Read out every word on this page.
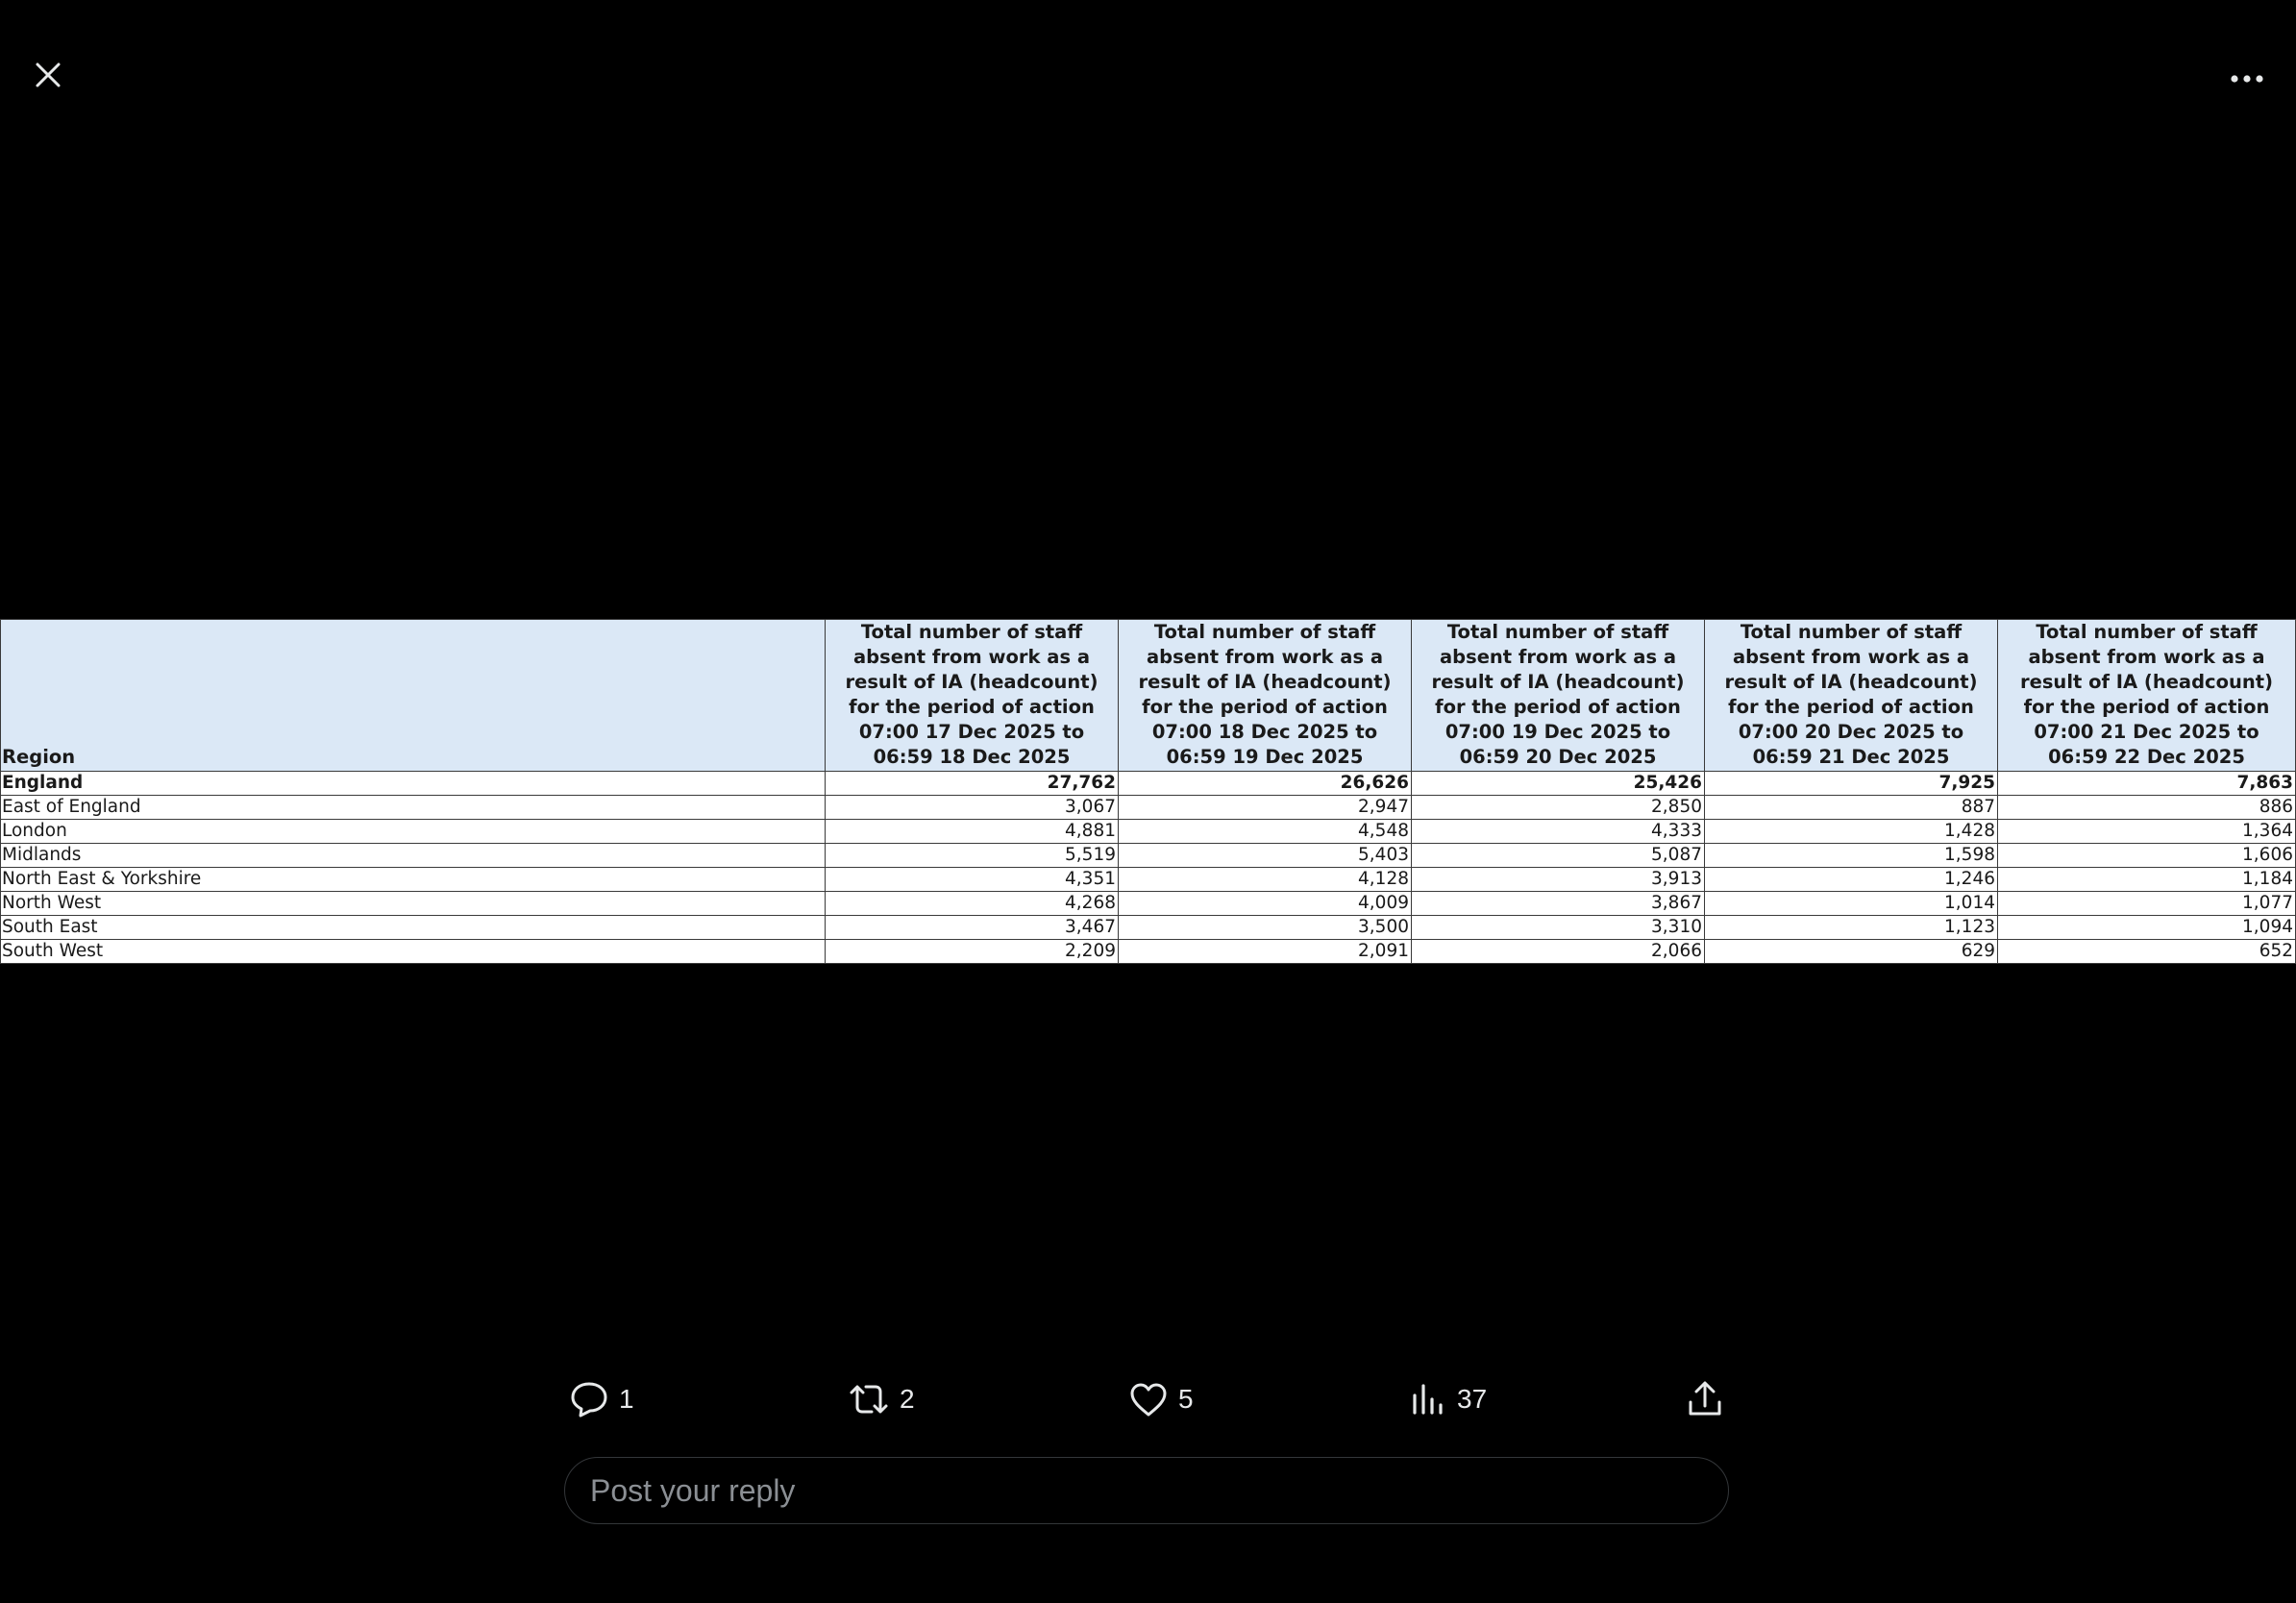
Region	Total number of staff absent from work as a result of IA (headcount) for the period of action 07:00 17 Dec 2025 to 06:59 18 Dec 2025	Total number of staff absent from work as a result of IA (headcount) for the period of action 07:00 18 Dec 2025 to 06:59 19 Dec 2025	Total number of staff absent from work as a result of IA (headcount) for the period of action 07:00 19 Dec 2025 to 06:59 20 Dec 2025	Total number of staff absent from work as a result of IA (headcount) for the period of action 07:00 20 Dec 2025 to 06:59 21 Dec 2025	Total number of staff absent from work as a result of IA (headcount) for the period of action 07:00 21 Dec 2025 to 06:59 22 Dec 2025
England	27,762	26,626	25,426	7,925	7,863
East of England	3,067	2,947	2,850	887	886
London	4,881	4,548	4,333	1,428	1,364
Midlands	5,519	5,403	5,087	1,598	1,606
North East & Yorkshire	4,351	4,128	3,913	1,246	1,184
North West	4,268	4,009	3,867	1,014	1,077
South East	3,467	3,500	3,310	1,123	1,094
South West	2,209	2,091	2,066	629	652
1	2	5	37
Post your reply
